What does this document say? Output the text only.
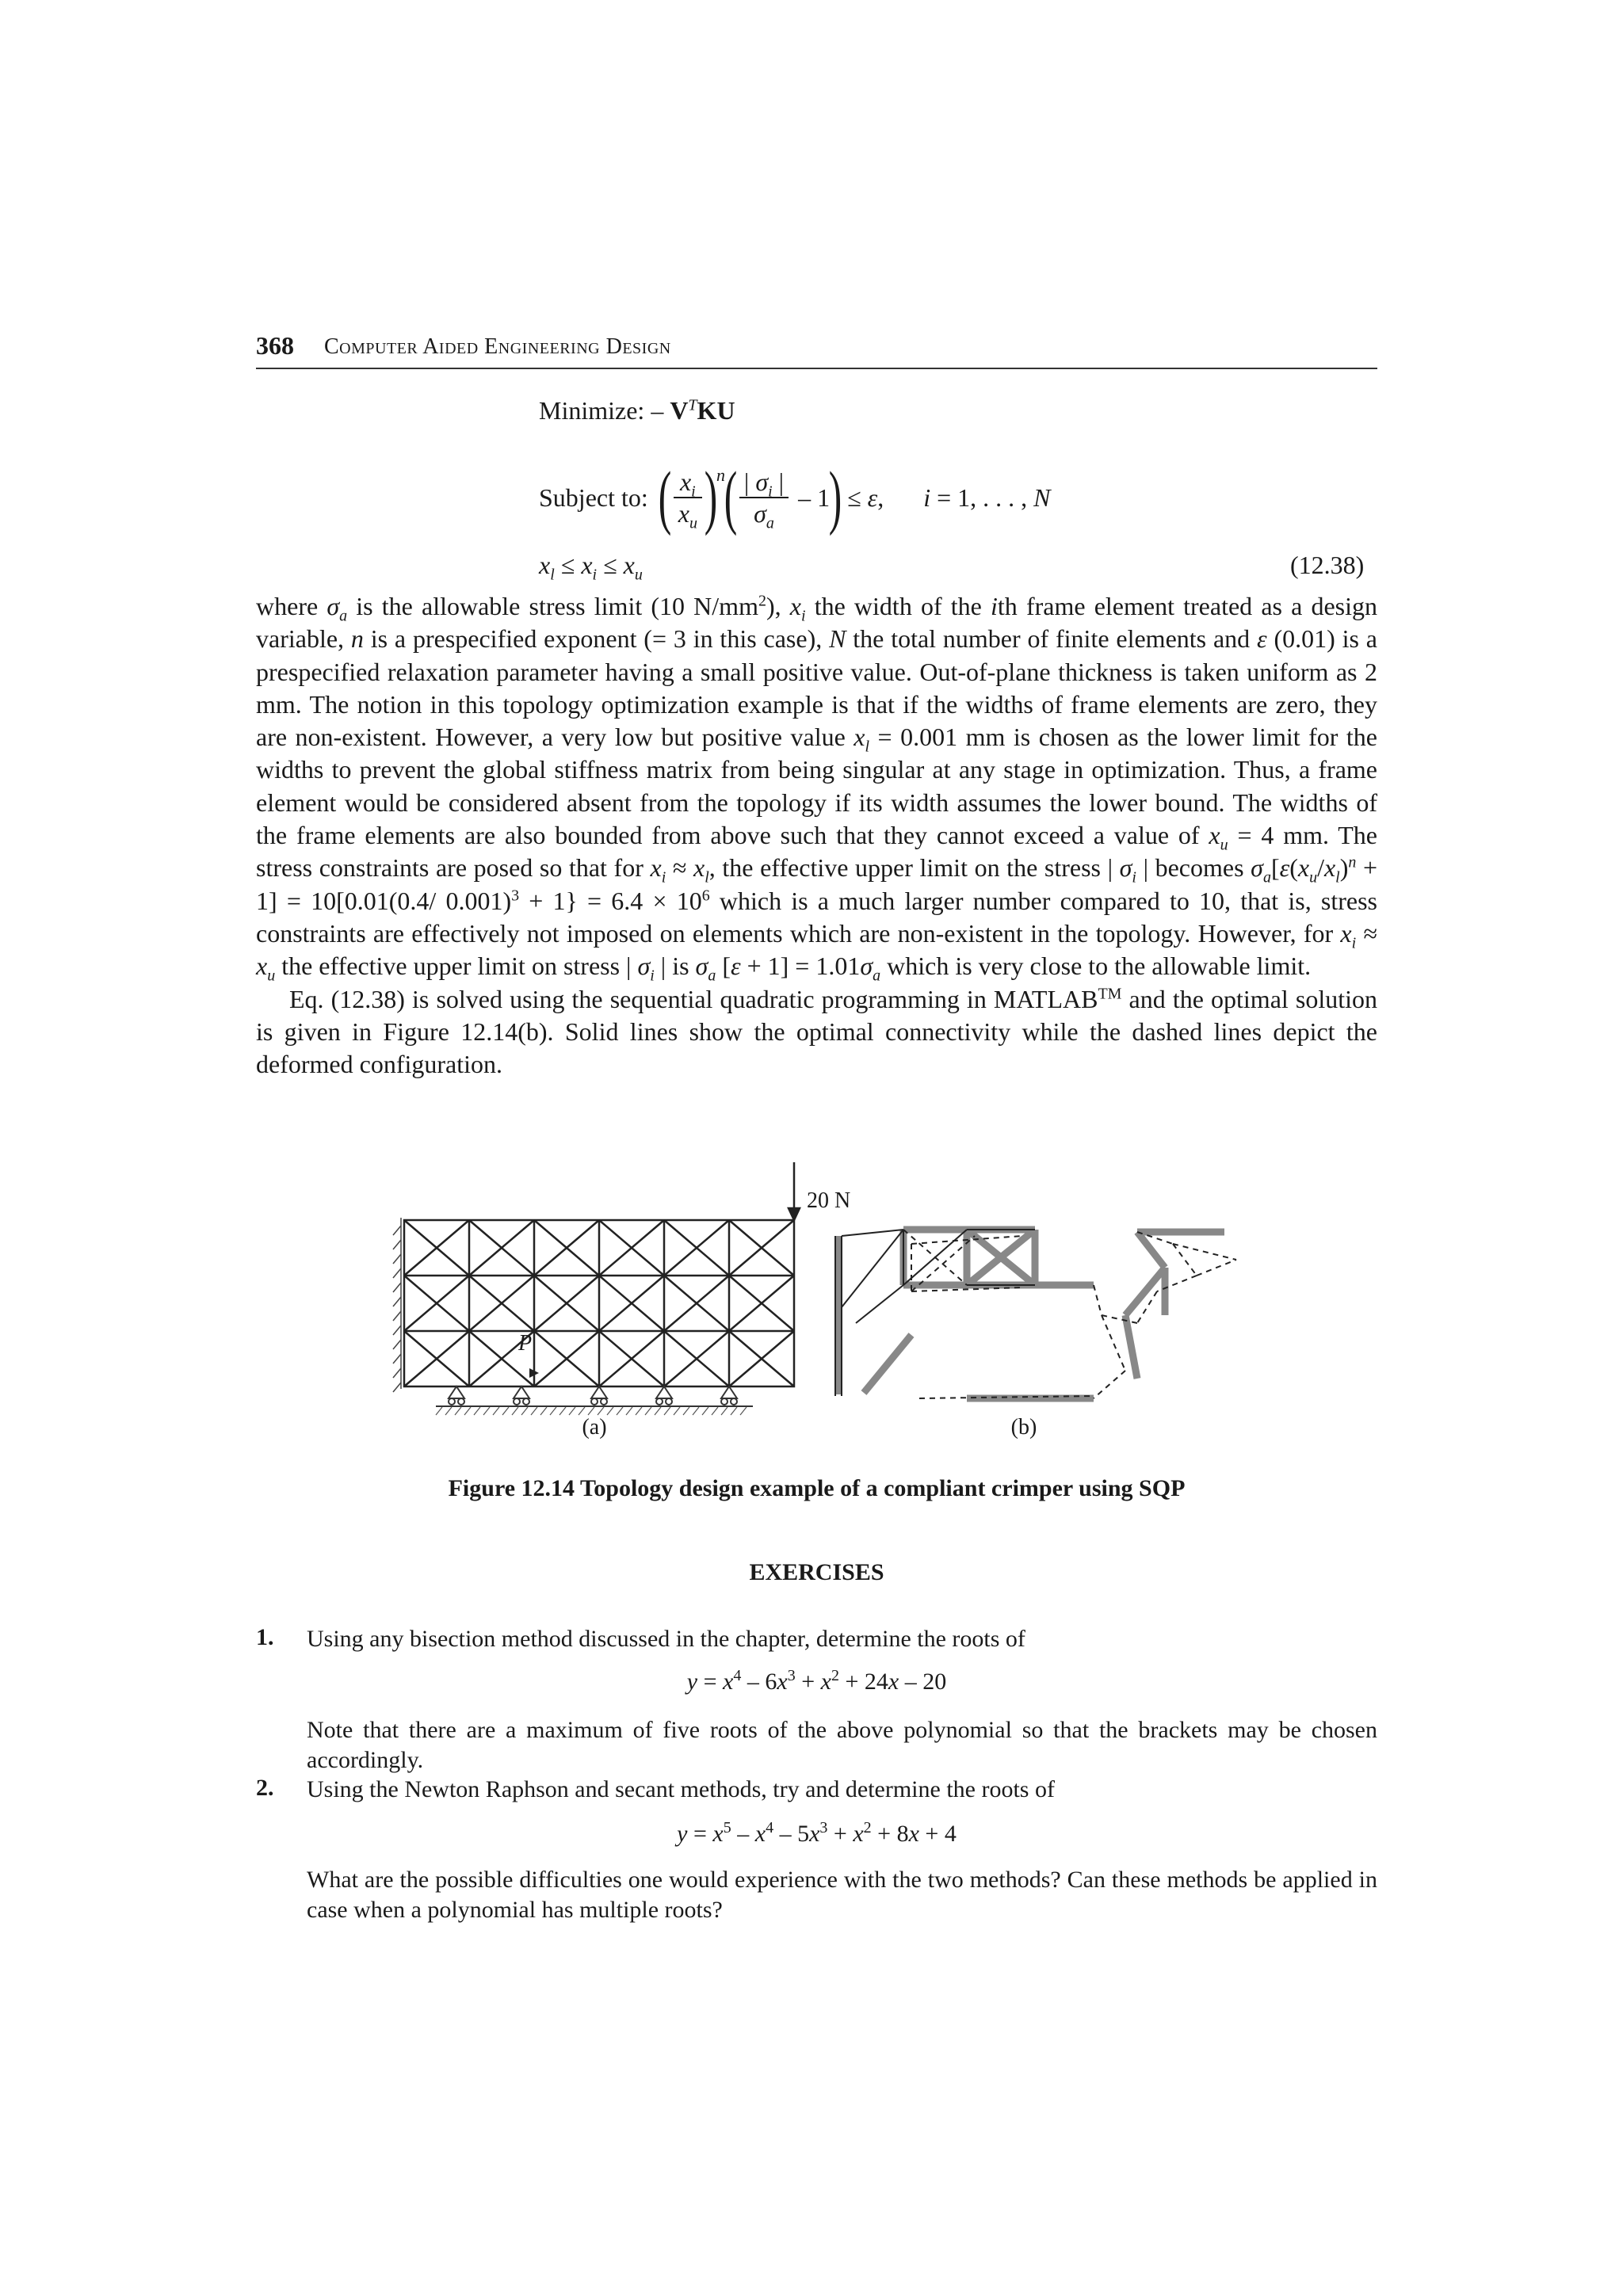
368 Computer Aided Engineering Design
Minimize: – $V^TKU$
Subject to: ( $\frac{x_i}{x_u}$ )
$^n$
( $\frac{| \sigma_i |}{\sigma_a} - 1$
)
≤ ε, i = 1, . . . , N
$x_l \le x_i \le x_u$	(12.38)

where $\sigma_a$ is the allowable stress limit (10 $N/mm^2$), $x_i$ the width of the ith frame element treated as a design variable, n is a prespecified exponent (= 3 in this case), N the total number of finite elements and ε (0.01) is a prespecified relaxation parameter having a small positive value. Out-of-plane thickness is taken uniform as 2 mm. The notion in this topology optimization example is that if the widths of frame elements are zero, they are non-existent. However, a very low but positive value $x_l = 0.001$ mm is chosen as the lower limit for the widths to prevent the global stiffness matrix from being singular at any stage in optimization. Thus, a frame element would be considered absent from the topology if its width assumes the lower bound. The widths of the frame elements are also bounded from above such that they cannot exceed a value of $x_u = 4$ mm. The stress constraints are posed so that for $x_i \approx x_l$, the effective upper limit on the stress | $\sigma_i$ | becomes $\sigma_a[\varepsilon(x_u/x_l)^n + 1] = 10[0.01(0.4/$ $0.001)^3 + 1\} = 6.4 \times 10^6$ which is a much larger number compared to 10, that is, stress constraints are effectively not imposed on elements which are non-existent in the topology. However, for $x_i \approx x_u$ the effective upper limit on stress | $\sigma_i$ | is $\sigma_a$ $[\varepsilon + 1] = 1.01\sigma_a$ which is very close to the allowable limit.

Eq. (12.38) is solved using the sequential quadratic programming in MATLAB™ and the optimal solution is given in Figure 12.14(b). Solid lines show the optimal connectivity while the dashed lines depict the deformed configuration.

20 N
P
(a)	(b)
Figure 12.14 Topology design example of a compliant crimper using SQP
EXERCISES
1. Using any bisection method discussed in the chapter, determine the roots of
$y = x^4 - 6x^3 + x^2 + 24x - 20$
Note that there are a maximum of five roots of the above polynomial so that the brackets may be chosen accordingly.
2. Using the Newton Raphson and secant methods, try and determine the roots of
$y = x^5 - x^4 - 5x^3 + x^2 + 8x + 4$
What are the possible difficulties one would experience with the two methods? Can these methods be applied in case when a polynomial has multiple roots?
